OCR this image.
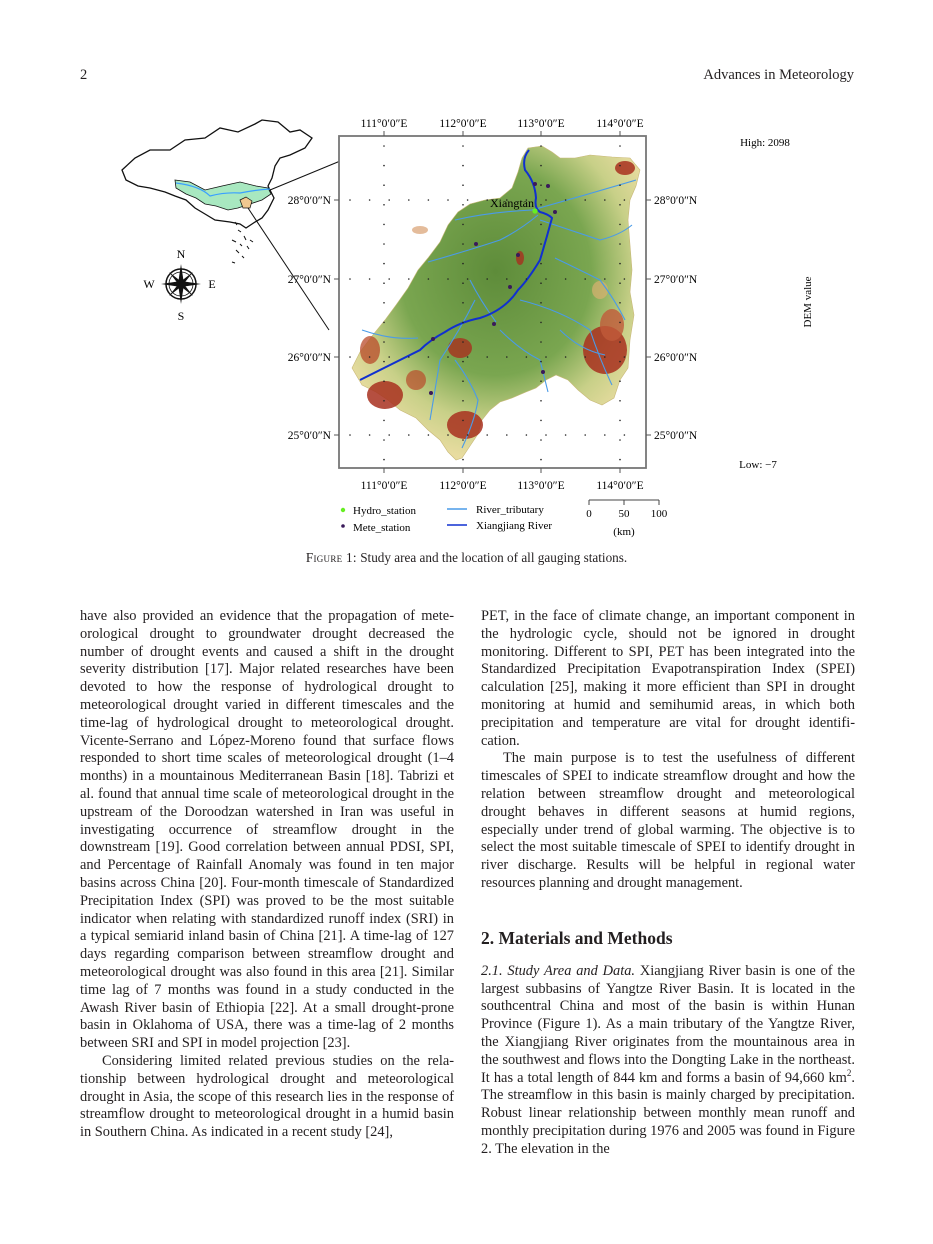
2	Advances in Meteorology
N
S
W	E
Xiangtan
111°0′0″E	112°0′0″E	113°0′0″E	114°0′0″E
111°0′0″E	112°0′0″E	113°0′0″E	114°0′0″E
28°0′0″N
27°0′0″N
26°0′0″N
25°0′0″N
28°0′0″N
27°0′0″N
26°0′0″N
25°0′0″N
High: 2098
Low: −7
DEM value
Hydro_station
Mete_station
River_tributary
Xiangjiang River
0 50 100
(km)
Figure 1: Study area and the location of all gauging stations.

have also provided an evidence that the propagation of mete-orological drought to groundwater drought decreased the number of drought events and caused a shift in the drought severity distribution [17]. Major related researches have been devoted to how the response of hydrological drought to meteorological drought varied in different timescales and the time-lag of hydrological drought to meteorological drought. Vicente-Serrano and López-Moreno found that surface flows responded to short time scales of meteorological drought (1–4 months) in a mountainous Mediterranean Basin [18]. Tabrizi et al. found that annual time scale of meteorological drought in the upstream of the Doroodzan watershed in Iran was useful in investigating occurrence of streamflow drought in the downstream [19]. Good correlation between annual PDSI, SPI, and Percentage of Rainfall Anomaly was found in ten major basins across China [20]. Four-month timescale of Standardized Precipitation Index (SPI) was proved to be the most suitable indicator when relating with standardized runoff index (SRI) in a typical semiarid inland basin of China [21]. A time-lag of 127 days regarding comparison between streamflow drought and meteorological drought was also found in this area [21]. Similar time lag of 7 months was found in a study conducted in the Awash River basin of Ethiopia [22]. At a small drought-prone basin in Oklahoma of USA, there was a time-lag of 2 months between SRI and SPI in model projection [23].

Considering limited related previous studies on the rela-tionship between hydrological drought and meteorological drought in Asia, the scope of this research lies in the response of streamflow drought to meteorological drought in a humid basin in Southern China. As indicated in a recent study [24],

PET, in the face of climate change, an important component in the hydrologic cycle, should not be ignored in drought monitoring. Different to SPI, PET has been integrated into the Standardized Precipitation Evapotranspiration Index (SPEI) calculation [25], making it more efficient than SPI in drought monitoring at humid and semihumid areas, in which both precipitation and temperature are vital for drought identifi-cation.

The main purpose is to test the usefulness of different timescales of SPEI to indicate streamflow drought and how the relation between streamflow drought and meteorological drought behaves in different seasons at humid regions, especially under trend of global warming. The objective is to select the most suitable timescale of SPEI to identify drought in river discharge. Results will be helpful in regional water resources planning and drought management.

2. Materials and Methods

2.1. Study Area and Data. Xiangjiang River basin is one of the largest subbasins of Yangtze River Basin. It is located in the southcentral China and most of the basin is within Hunan Province (Figure 1). As a main tributary of the Yangtze River, the Xiangjiang River originates from the mountainous area in the southwest and flows into the Dongting Lake in the northeast. It has a total length of 844 km and forms a basin of 94,660 $km^2$. The streamflow in this basin is mainly charged by precipitation. Robust linear relationship between monthly mean runoff and monthly precipitation during 1976 and 2005 was found in Figure 2. The elevation in the
